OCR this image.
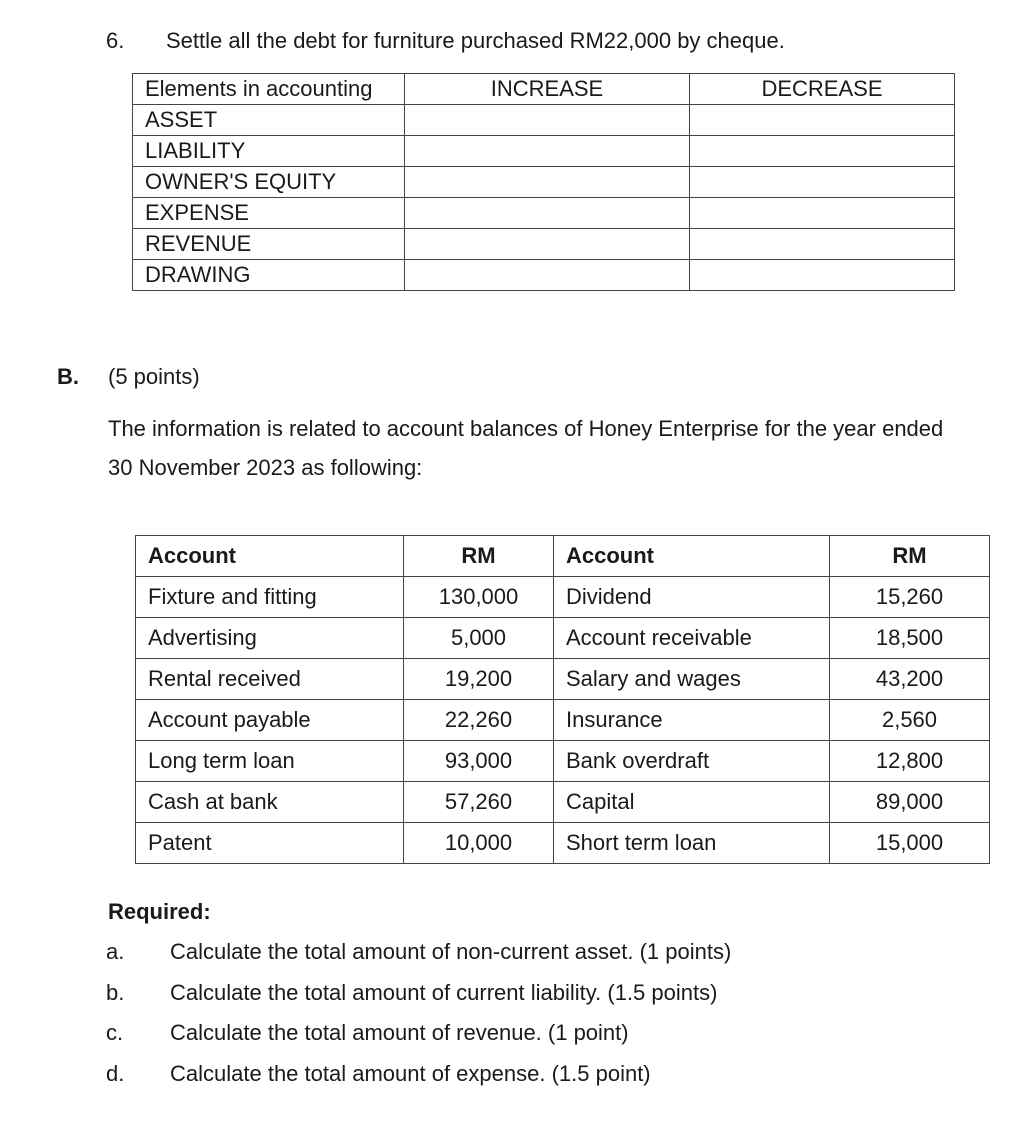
6. Settle all the debt for furniture purchased RM22,000 by cheque.
Elements in accounting	INCREASE	DECREASE
ASSET		
LIABILITY		
OWNER'S EQUITY		
EXPENSE		
REVENUE		
DRAWING		
B. (5 points)
The information is related to account balances of Honey Enterprise for the year ended
30 November 2023 as following:
Account	RM	Account	RM
Fixture and fitting	130,000	Dividend	15,260
Advertising	5,000	Account receivable	18,500
Rental received	19,200	Salary and wages	43,200
Account payable	22,260	Insurance	2,560
Long term loan	93,000	Bank overdraft	12,800
Cash at bank	57,260	Capital	89,000
Patent	10,000	Short term loan	15,000
Required:
a. Calculate the total amount of non-current asset. (1 points)
b. Calculate the total amount of current liability. (1.5 points)
c. Calculate the total amount of revenue. (1 point)
d. Calculate the total amount of expense. (1.5 point)
